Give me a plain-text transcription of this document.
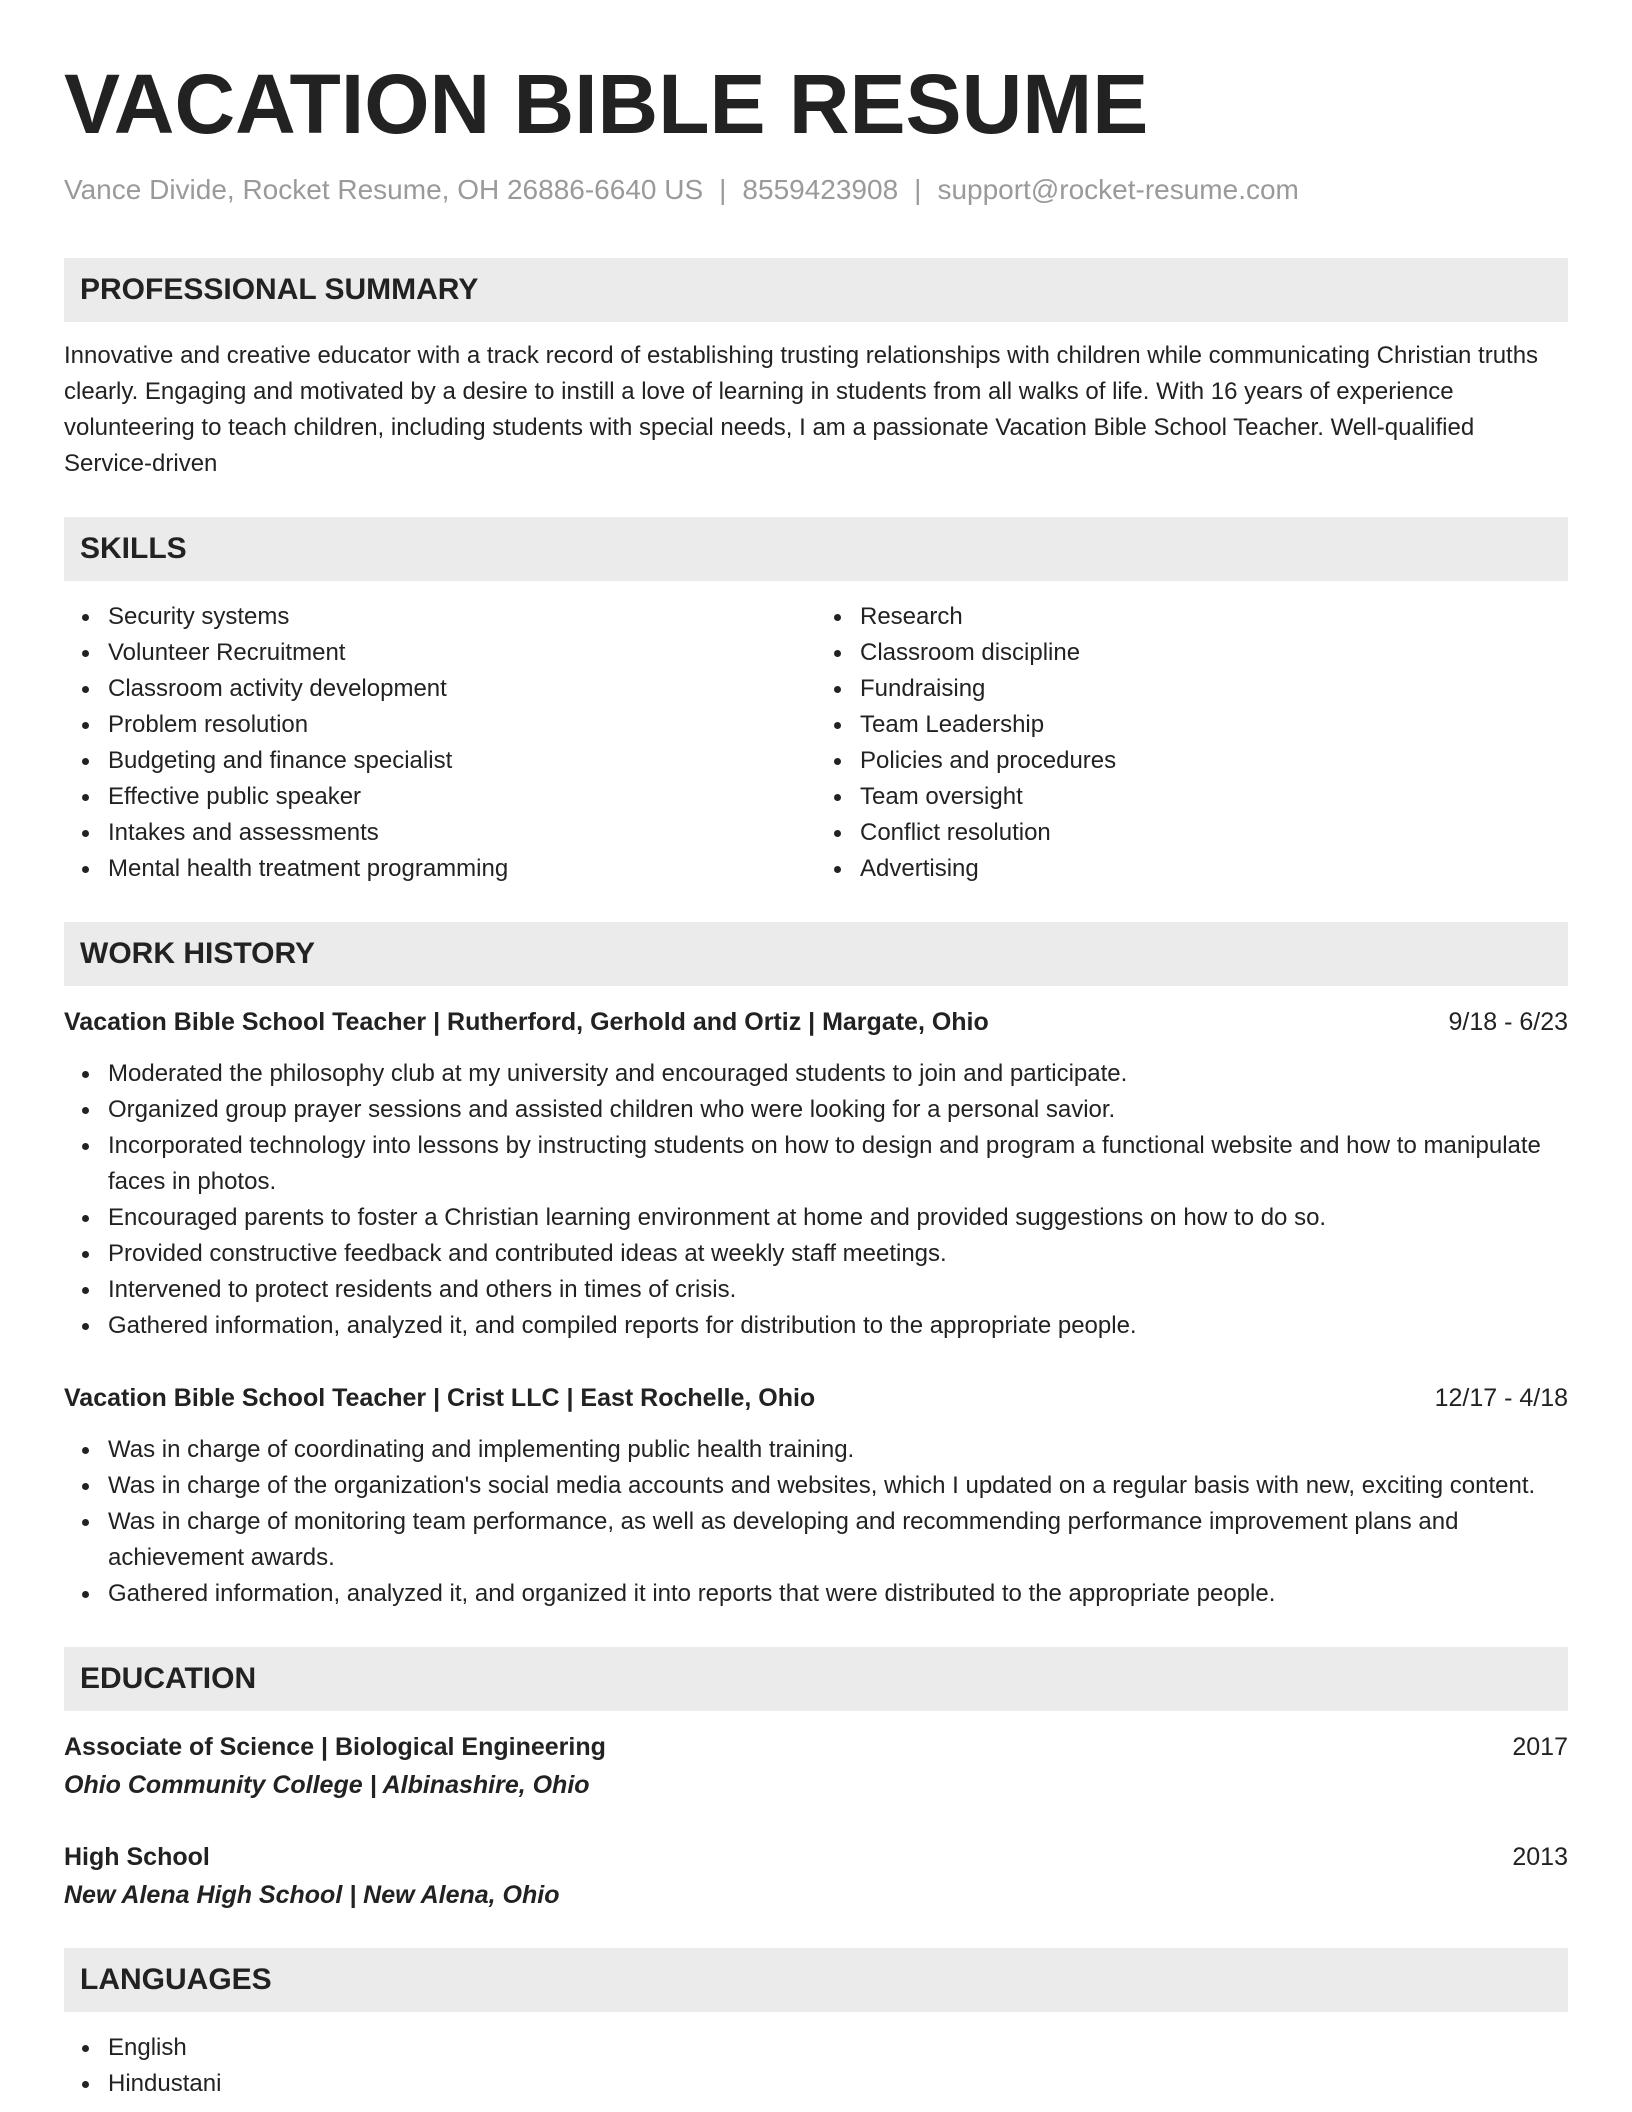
VACATION BIBLE RESUME
Vance Divide, Rocket Resume, OH 26886-6640 US | 8559423908 | support@rocket-resume.com
PROFESSIONAL SUMMARY
Innovative and creative educator with a track record of establishing trusting relationships with children while communicating Christian truths clearly. Engaging and motivated by a desire to instill a love of learning in students from all walks of life. With 16 years of experience volunteering to teach children, including students with special needs, I am a passionate Vacation Bible School Teacher. Well-qualified Service-driven
SKILLS
Security systems
Volunteer Recruitment
Classroom activity development
Problem resolution
Budgeting and finance specialist
Effective public speaker
Intakes and assessments
Mental health treatment programming
Research
Classroom discipline
Fundraising
Team Leadership
Policies and procedures
Team oversight
Conflict resolution
Advertising
WORK HISTORY
Vacation Bible School Teacher | Rutherford, Gerhold and Ortiz | Margate, Ohio	9/18 - 6/23
Moderated the philosophy club at my university and encouraged students to join and participate.
Organized group prayer sessions and assisted children who were looking for a personal savior.
Incorporated technology into lessons by instructing students on how to design and program a functional website and how to manipulate faces in photos.
Encouraged parents to foster a Christian learning environment at home and provided suggestions on how to do so.
Provided constructive feedback and contributed ideas at weekly staff meetings.
Intervened to protect residents and others in times of crisis.
Gathered information, analyzed it, and compiled reports for distribution to the appropriate people.
Vacation Bible School Teacher | Crist LLC | East Rochelle, Ohio	12/17 - 4/18
Was in charge of coordinating and implementing public health training.
Was in charge of the organization's social media accounts and websites, which I updated on a regular basis with new, exciting content.
Was in charge of monitoring team performance, as well as developing and recommending performance improvement plans and achievement awards.
Gathered information, analyzed it, and organized it into reports that were distributed to the appropriate people.
EDUCATION
Associate of Science | Biological Engineering	2017
Ohio Community College | Albinashire, Ohio
High School	2013
New Alena High School | New Alena, Ohio
LANGUAGES
English
Hindustani
